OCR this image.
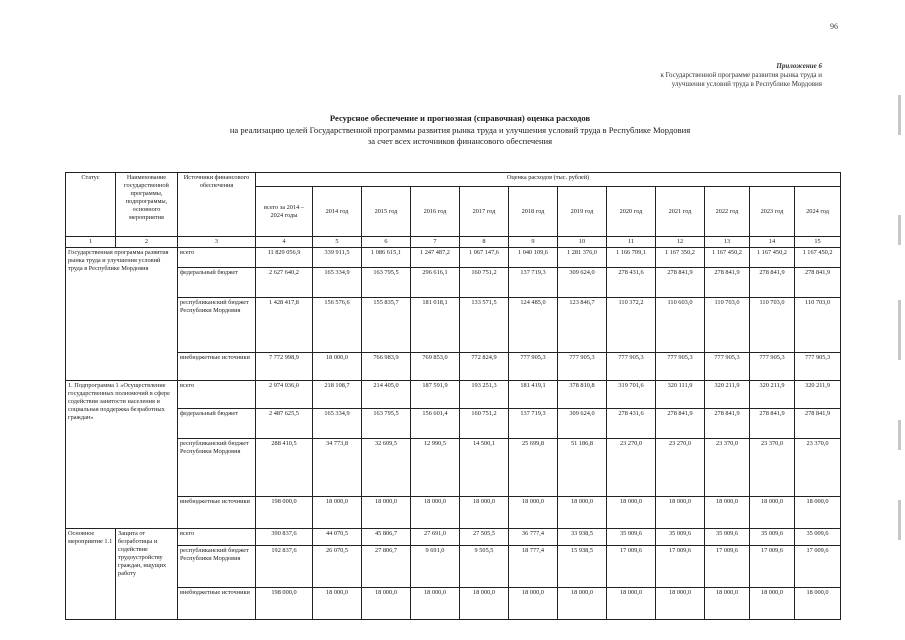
96
Приложение 6
к Государственной программе развития рынка труда и
улучшения условий труда в Республике Мордовия
Ресурсное обеспечение и прогнозная (справочная) оценка расходов
на реализацию целей Государственной программы развития рынка труда и улучшения условий труда в Республике Мордовия
за счет всех источников финансового обеспечения
Статус	Наименование государственной программы, подпрограммы, основного мероприятия	Источники финансового обеспечения	Оценка расходов (тыс. рублей)											
			всего за 2014 – 2024 годы	2014 год	2015 год	2016 год	2017 год	2018 год	2019 год	2020 год	2021 год	2022 год	2023 год	2024 год
1	2	3	4	5	6	7	8	9	10	11	12	13	14	15
Государственная программа развития рынка труда и улучшения условий труда в Республике Мордовия		всего	11 829 056,9	339 911,5	1 086 615,1	1 247 487,2	1 067 147,6	1 040 109,6	1 281 376,0	1 166 709,1	1 167 350,2	1 167 450,2	1 167 450,2	1 167 450,2
		федеральный бюджет	2 627 640,2	165 334,9	163 795,5	296 616,1	160 751,2	137 719,3	309 624,0	278 431,6	278 841,9	278 841,9	278 841,9	278 841,9
		республиканский бюджет Республики Мордовия	1 428 417,8	156 576,6	155 835,7	181 018,1	133 571,5	124 485,0	123 846,7	110 372,2	110 603,0	110 703,0	110 703,0	110 703,0
		внебюджетные источники	7 772 998,9	18 000,0	766 983,9	769 853,0	772 824,9	777 905,3	777 905,3	777 905,3	777 905,3	777 905,3	777 905,3	777 905,3
1. Подпрограмма 1 «Осуществление государственных полномочий в сфере содействия занятости населения и социальная поддержка безработных граждан»		всего	2 974 036,0	218 108,7	214 405,0	187 591,9	193 251,3	181 419,1	378 810,8	319 701,6	320 111,9	320 211,9	320 211,9	320 211,9
		федеральный бюджет	2 487 625,5	165 334,9	163 795,5	156 601,4	160 751,2	137 719,3	309 624,0	278 431,6	278 841,9	278 841,9	278 841,9	278 841,9
		республиканский бюджет Республики Мордовия	288 410,5	34 773,8	32 609,5	12 990,5	14 500,1	25 699,8	51 186,8	23 270,0	23 270,0	23 370,0	23 370,0	23 370,0
		внебюджетные источники	198 000,0	18 000,0	18 000,0	18 000,0	18 000,0	18 000,0	18 000,0	18 000,0	18 000,0	18 000,0	18 000,0	18 000,0
Основное мероприятие 1.1	Защита от безработицы и содействие трудоустройству граждан, ищущих работу	всего	390 837,6	44 070,5	45 806,7	27 691,0	27 505,5	36 777,4	33 938,5	35 009,6	35 009,6	35 009,6	35 009,6	35 009,6
		республиканский бюджет Республики Мордовия	192 837,6	26 070,5	27 806,7	9 691,0	9 505,5	18 777,4	15 938,5	17 009,6	17 009,6	17 009,6	17 009,6	17 009,6
		внебюджетные источники	198 000,0	18 000,0	18 000,0	18 000,0	18 000,0	18 000,0	18 000,0	18 000,0	18 000,0	18 000,0	18 000,0	18 000,0
